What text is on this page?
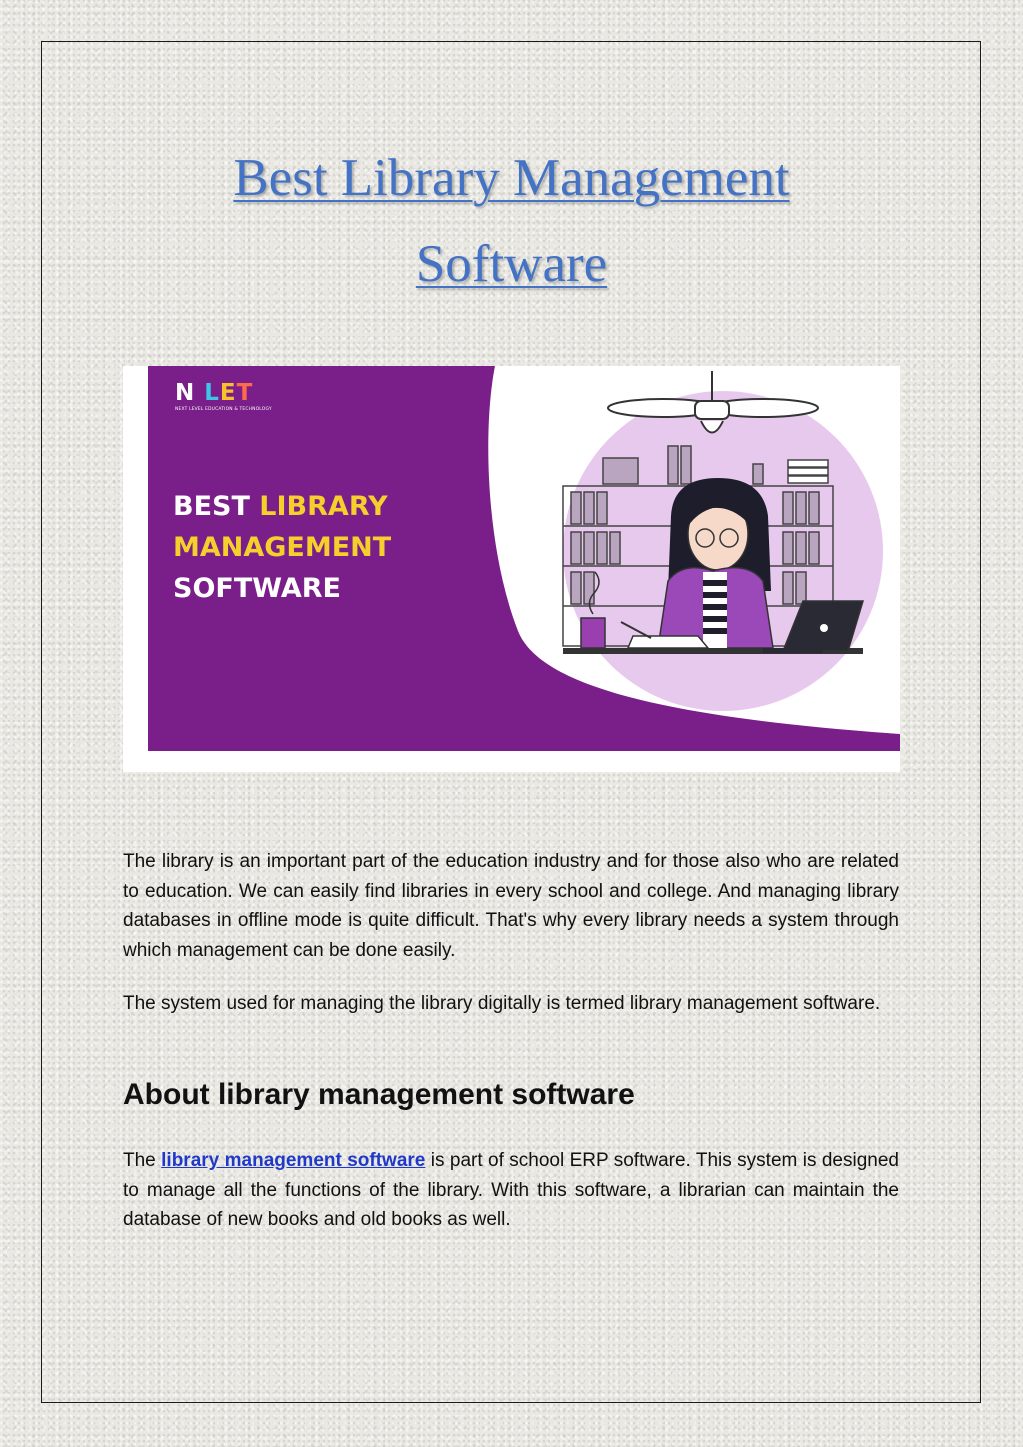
Best Library Management
Software
N LET
NEXT LEVEL EDUCATION & TECHNOLOGY
BEST LIBRARY
MANAGEMENT
SOFTWARE

The library is an important part of the education industry and for those also who are related to education. We can easily find libraries in every school and college. And managing library databases in offline mode is quite difficult. That's why every library needs a system through which management can be done easily.

The system used for managing the library digitally is termed library management software.

About library management software

The library management software is part of school ERP software. This system is designed to manage all the functions of the library. With this software, a librarian can maintain the database of new books and old books as well.
